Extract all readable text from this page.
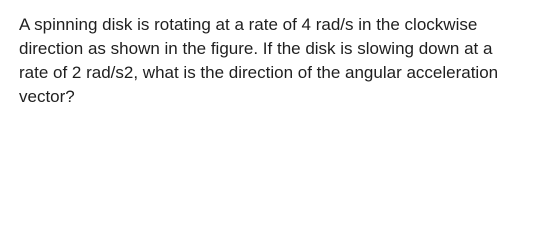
A spinning disk is rotating at a rate of 4 rad/s in the clockwise
direction as shown in the figure. If the disk is slowing down at a
rate of 2 rad/s2, what is the direction of the angular acceleration
vector?
